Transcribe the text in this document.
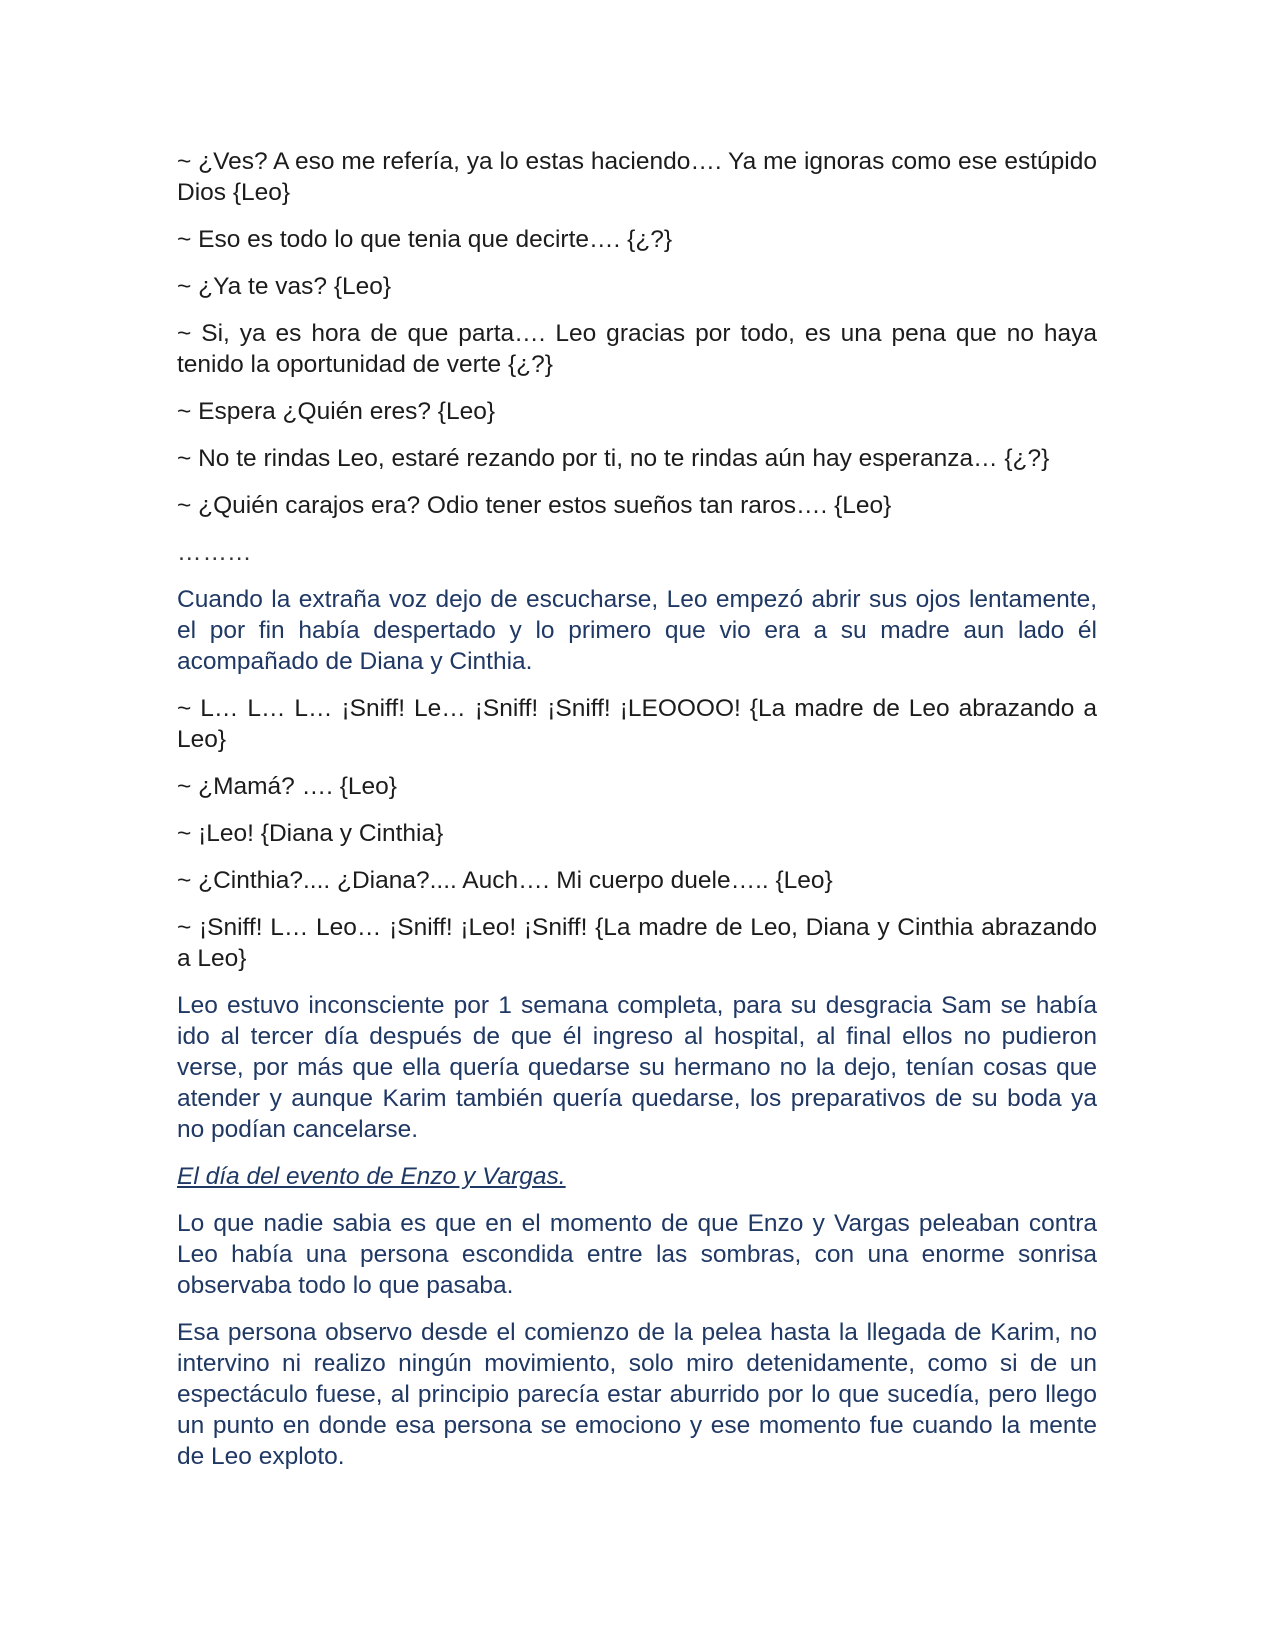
~ ¿Ves? A eso me refería, ya lo estas haciendo…. Ya me ignoras como ese estúpido Dios {Leo}

~ Eso es todo lo que tenia que decirte…. {¿?}

~ ¿Ya te vas? {Leo}

~ Si, ya es hora de que parta…. Leo gracias por todo, es una pena que no haya tenido la oportunidad de verte {¿?}

~ Espera ¿Quién eres? {Leo}

~ No te rindas Leo, estaré rezando por ti, no te rindas aún hay esperanza… {¿?}

~ ¿Quién carajos era? Odio tener estos sueños tan raros…. {Leo}

……...

Cuando la extraña voz dejo de escucharse, Leo empezó abrir sus ojos lentamente, el por fin había despertado y lo primero que vio era a su madre aun lado él acompañado de Diana y Cinthia.

~ L… L… L… ¡Sniff! Le… ¡Sniff! ¡Sniff! ¡LEOOOO! {La madre de Leo abrazando a Leo}

~ ¿Mamá? …. {Leo}

~ ¡Leo! {Diana y Cinthia}

~ ¿Cinthia?.... ¿Diana?.... Auch…. Mi cuerpo duele….. {Leo}

~ ¡Sniff! L… Leo… ¡Sniff! ¡Leo! ¡Sniff! {La madre de Leo, Diana y Cinthia abrazando a Leo}

Leo estuvo inconsciente por 1 semana completa, para su desgracia Sam se había ido al tercer día después de que él ingreso al hospital, al final ellos no pudieron verse, por más que ella quería quedarse su hermano no la dejo, tenían cosas que atender y aunque Karim también quería quedarse, los preparativos de su boda ya no podían cancelarse.

El día del evento de Enzo y Vargas.

Lo que nadie sabia es que en el momento de que Enzo y Vargas peleaban contra Leo había una persona escondida entre las sombras, con una enorme sonrisa observaba todo lo que pasaba.

Esa persona observo desde el comienzo de la pelea hasta la llegada de Karim, no intervino ni realizo ningún movimiento, solo miro detenidamente, como si de un espectáculo fuese, al principio parecía estar aburrido por lo que sucedía, pero llego un punto en donde esa persona se emociono y ese momento fue cuando la mente de Leo exploto.
